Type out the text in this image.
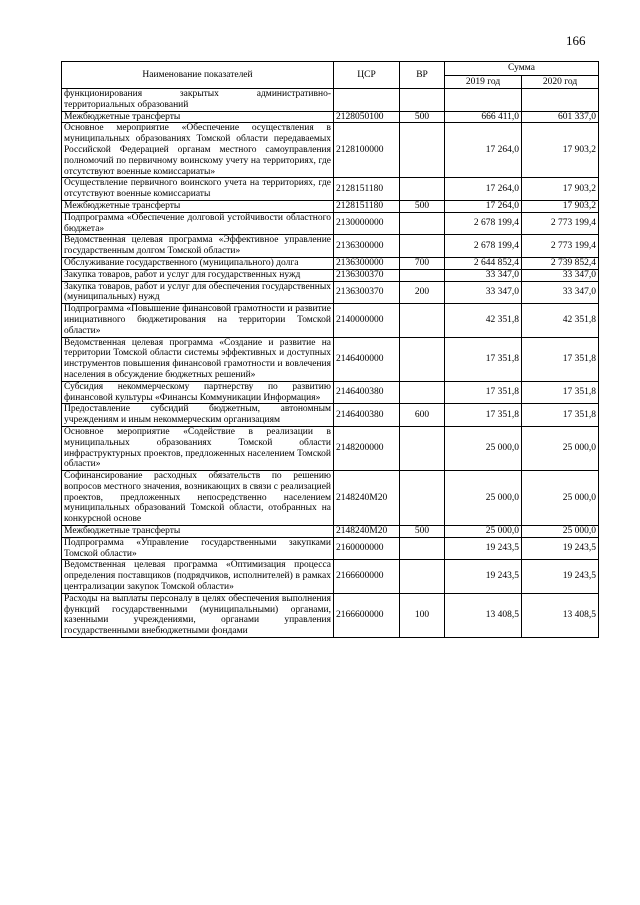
166
Наименование показателей	ЦСР	ВР	Сумма	
			2019 год	2020 год
функционирования закрытых административно-территориальных образований				
Межбюджетные трансферты	2128050100	500	666 411,0	601 337,0
Основное мероприятие «Обеспечение осуществления в муниципальных образованиях Томской области передаваемых Российской Федерацией органам местного самоуправления полномочий по первичному воинскому учету на территориях, где отсутствуют военные комиссариаты»	2128100000		17 264,0	17 903,2
Осуществление первичного воинского учета на территориях, где отсутствуют военные комиссариаты	2128151180		17 264,0	17 903,2
Межбюджетные трансферты	2128151180	500	17 264,0	17 903,2
Подпрограмма «Обеспечение долговой устойчивости областного бюджета»	2130000000		2 678 199,4	2 773 199,4
Ведомственная целевая программа «Эффективное управление государственным долгом Томской области»	2136300000		2 678 199,4	2 773 199,4
Обслуживание государственного (муниципального) долга	2136300000	700	2 644 852,4	2 739 852,4
Закупка товаров, работ и услуг для государственных нужд	2136300370		33 347,0	33 347,0
Закупка товаров, работ и услуг для обеспечения государственных (муниципальных) нужд	2136300370	200	33 347,0	33 347,0
Подпрограмма «Повышение финансовой грамотности и развитие инициативного бюджетирования на территории Томской области»	2140000000		42 351,8	42 351,8
Ведомственная целевая программа «Создание и развитие на территории Томской области системы эффективных и доступных инструментов повышения финансовой грамотности и вовлечения населения в обсуждение бюджетных решений»	2146400000		17 351,8	17 351,8
Субсидия некоммерческому партнерству по развитию финансовой культуры «Финансы Коммуникации Информация»	2146400380		17 351,8	17 351,8
Предоставление субсидий бюджетным, автономным учреждениям и иным некоммерческим организациям	2146400380	600	17 351,8	17 351,8
Основное мероприятие «Содействие в реализации в муниципальных образованиях Томской области инфраструктурных проектов, предложенных населением Томской области»	2148200000		25 000,0	25 000,0
Софинансирование расходных обязательств по решению вопросов местного значения, возникающих в связи с реализацией проектов, предложенных непосредственно населением муниципальных образований Томской области, отобранных на конкурсной основе	2148240М20		25 000,0	25 000,0
Межбюджетные трансферты	2148240М20	500	25 000,0	25 000,0
Подпрограмма «Управление государственными закупками Томской области»	2160000000		19 243,5	19 243,5
Ведомственная целевая программа «Оптимизация процесса определения поставщиков (подрядчиков, исполнителей) в рамках централизации закупок Томской области»	2166600000		19 243,5	19 243,5
Расходы на выплаты персоналу в целях обеспечения выполнения функций государственными (муниципальными) органами, казенными учреждениями, органами управления государственными внебюджетными фондами	2166600000	100	13 408,5	13 408,5
